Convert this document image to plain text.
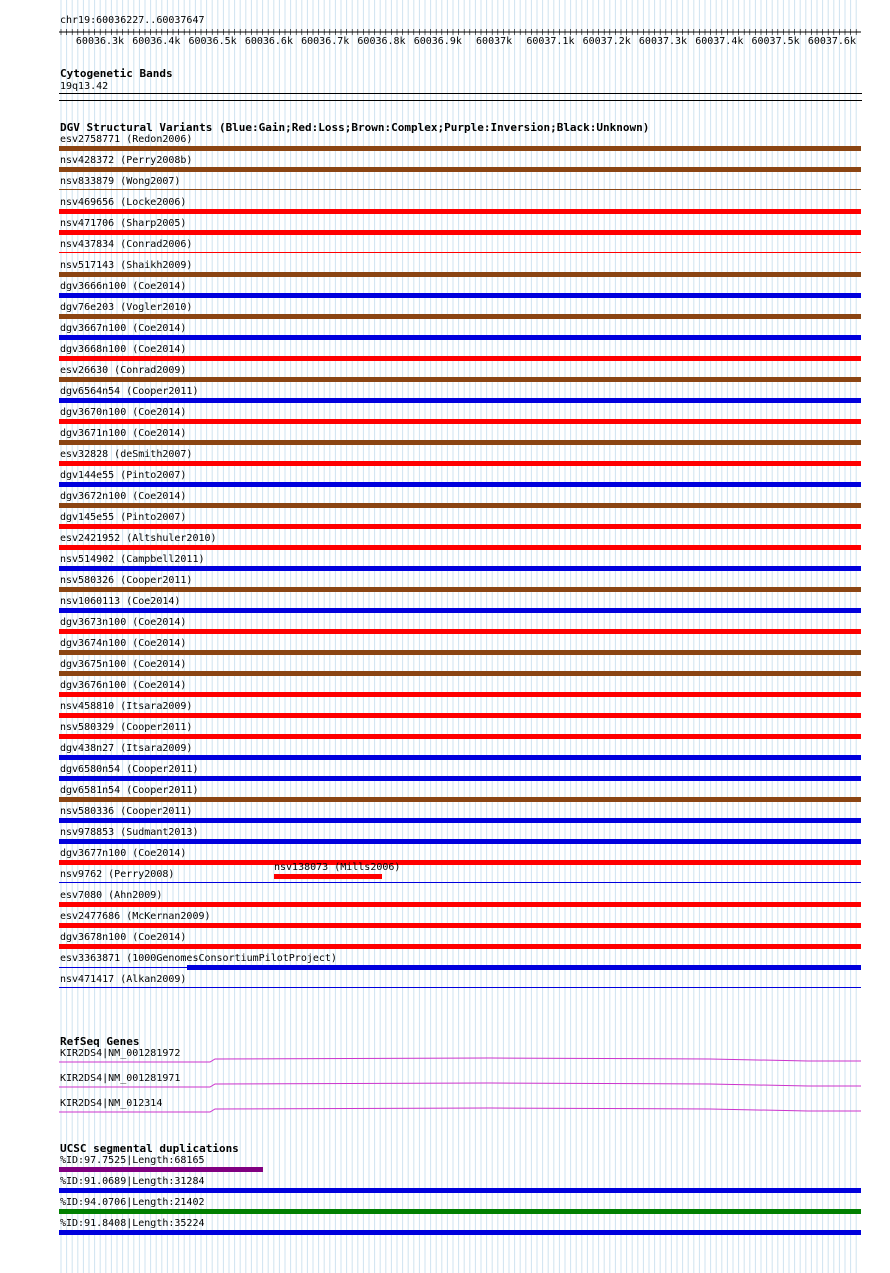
chr19:60036227..60037647
60036.3k 60036.4k 60036.5k 60036.6k 60036.7k 60036.8k 60036.9k 60037k 60037.1k 60037.2k 60037.3k 60037.4k 60037.5k 60037.6k
Cytogenetic Bands
19q13.42
DGV Structural Variants (Blue:Gain;Red:Loss;Brown:Complex;Purple:Inversion;Black:Unknown)
esv2758771 (Redon2006)
nsv428372 (Perry2008b)
nsv833879 (Wong2007)
nsv469656 (Locke2006)
nsv471706 (Sharp2005)
nsv437834 (Conrad2006)
nsv517143 (Shaikh2009)
dgv3666n100 (Coe2014)
dgv76e203 (Vogler2010)
dgv3667n100 (Coe2014)
dgv3668n100 (Coe2014)
esv26630 (Conrad2009)
dgv6564n54 (Cooper2011)
dgv3670n100 (Coe2014)
dgv3671n100 (Coe2014)
esv32828 (deSmith2007)
dgv144e55 (Pinto2007)
dgv3672n100 (Coe2014)
dgv145e55 (Pinto2007)
esv2421952 (Altshuler2010)
nsv514902 (Campbell2011)
nsv580326 (Cooper2011)
nsv1060113 (Coe2014)
dgv3673n100 (Coe2014)
dgv3674n100 (Coe2014)
dgv3675n100 (Coe2014)
dgv3676n100 (Coe2014)
nsv458810 (Itsara2009)
nsv580329 (Cooper2011)
dgv438n27 (Itsara2009)
dgv6580n54 (Cooper2011)
dgv6581n54 (Cooper2011)
nsv580336 (Cooper2011)
nsv978853 (Sudmant2013)
dgv3677n100 (Coe2014)
nsv9762 (Perry2008)
esv7080 (Ahn2009)
esv2477686 (McKernan2009)
dgv3678n100 (Coe2014)
esv3363871 (1000GenomesConsortiumPilotProject)
nsv471417 (Alkan2009)
nsv138073 (Mills2006)
RefSeq Genes
KIR2DS4|NM_001281972
KIR2DS4|NM_001281971
KIR2DS4|NM_012314
UCSC segmental duplications
%ID:97.7525|Length:68165
%ID:91.0689|Length:31284
%ID:94.0706|Length:21402
%ID:91.8408|Length:35224
